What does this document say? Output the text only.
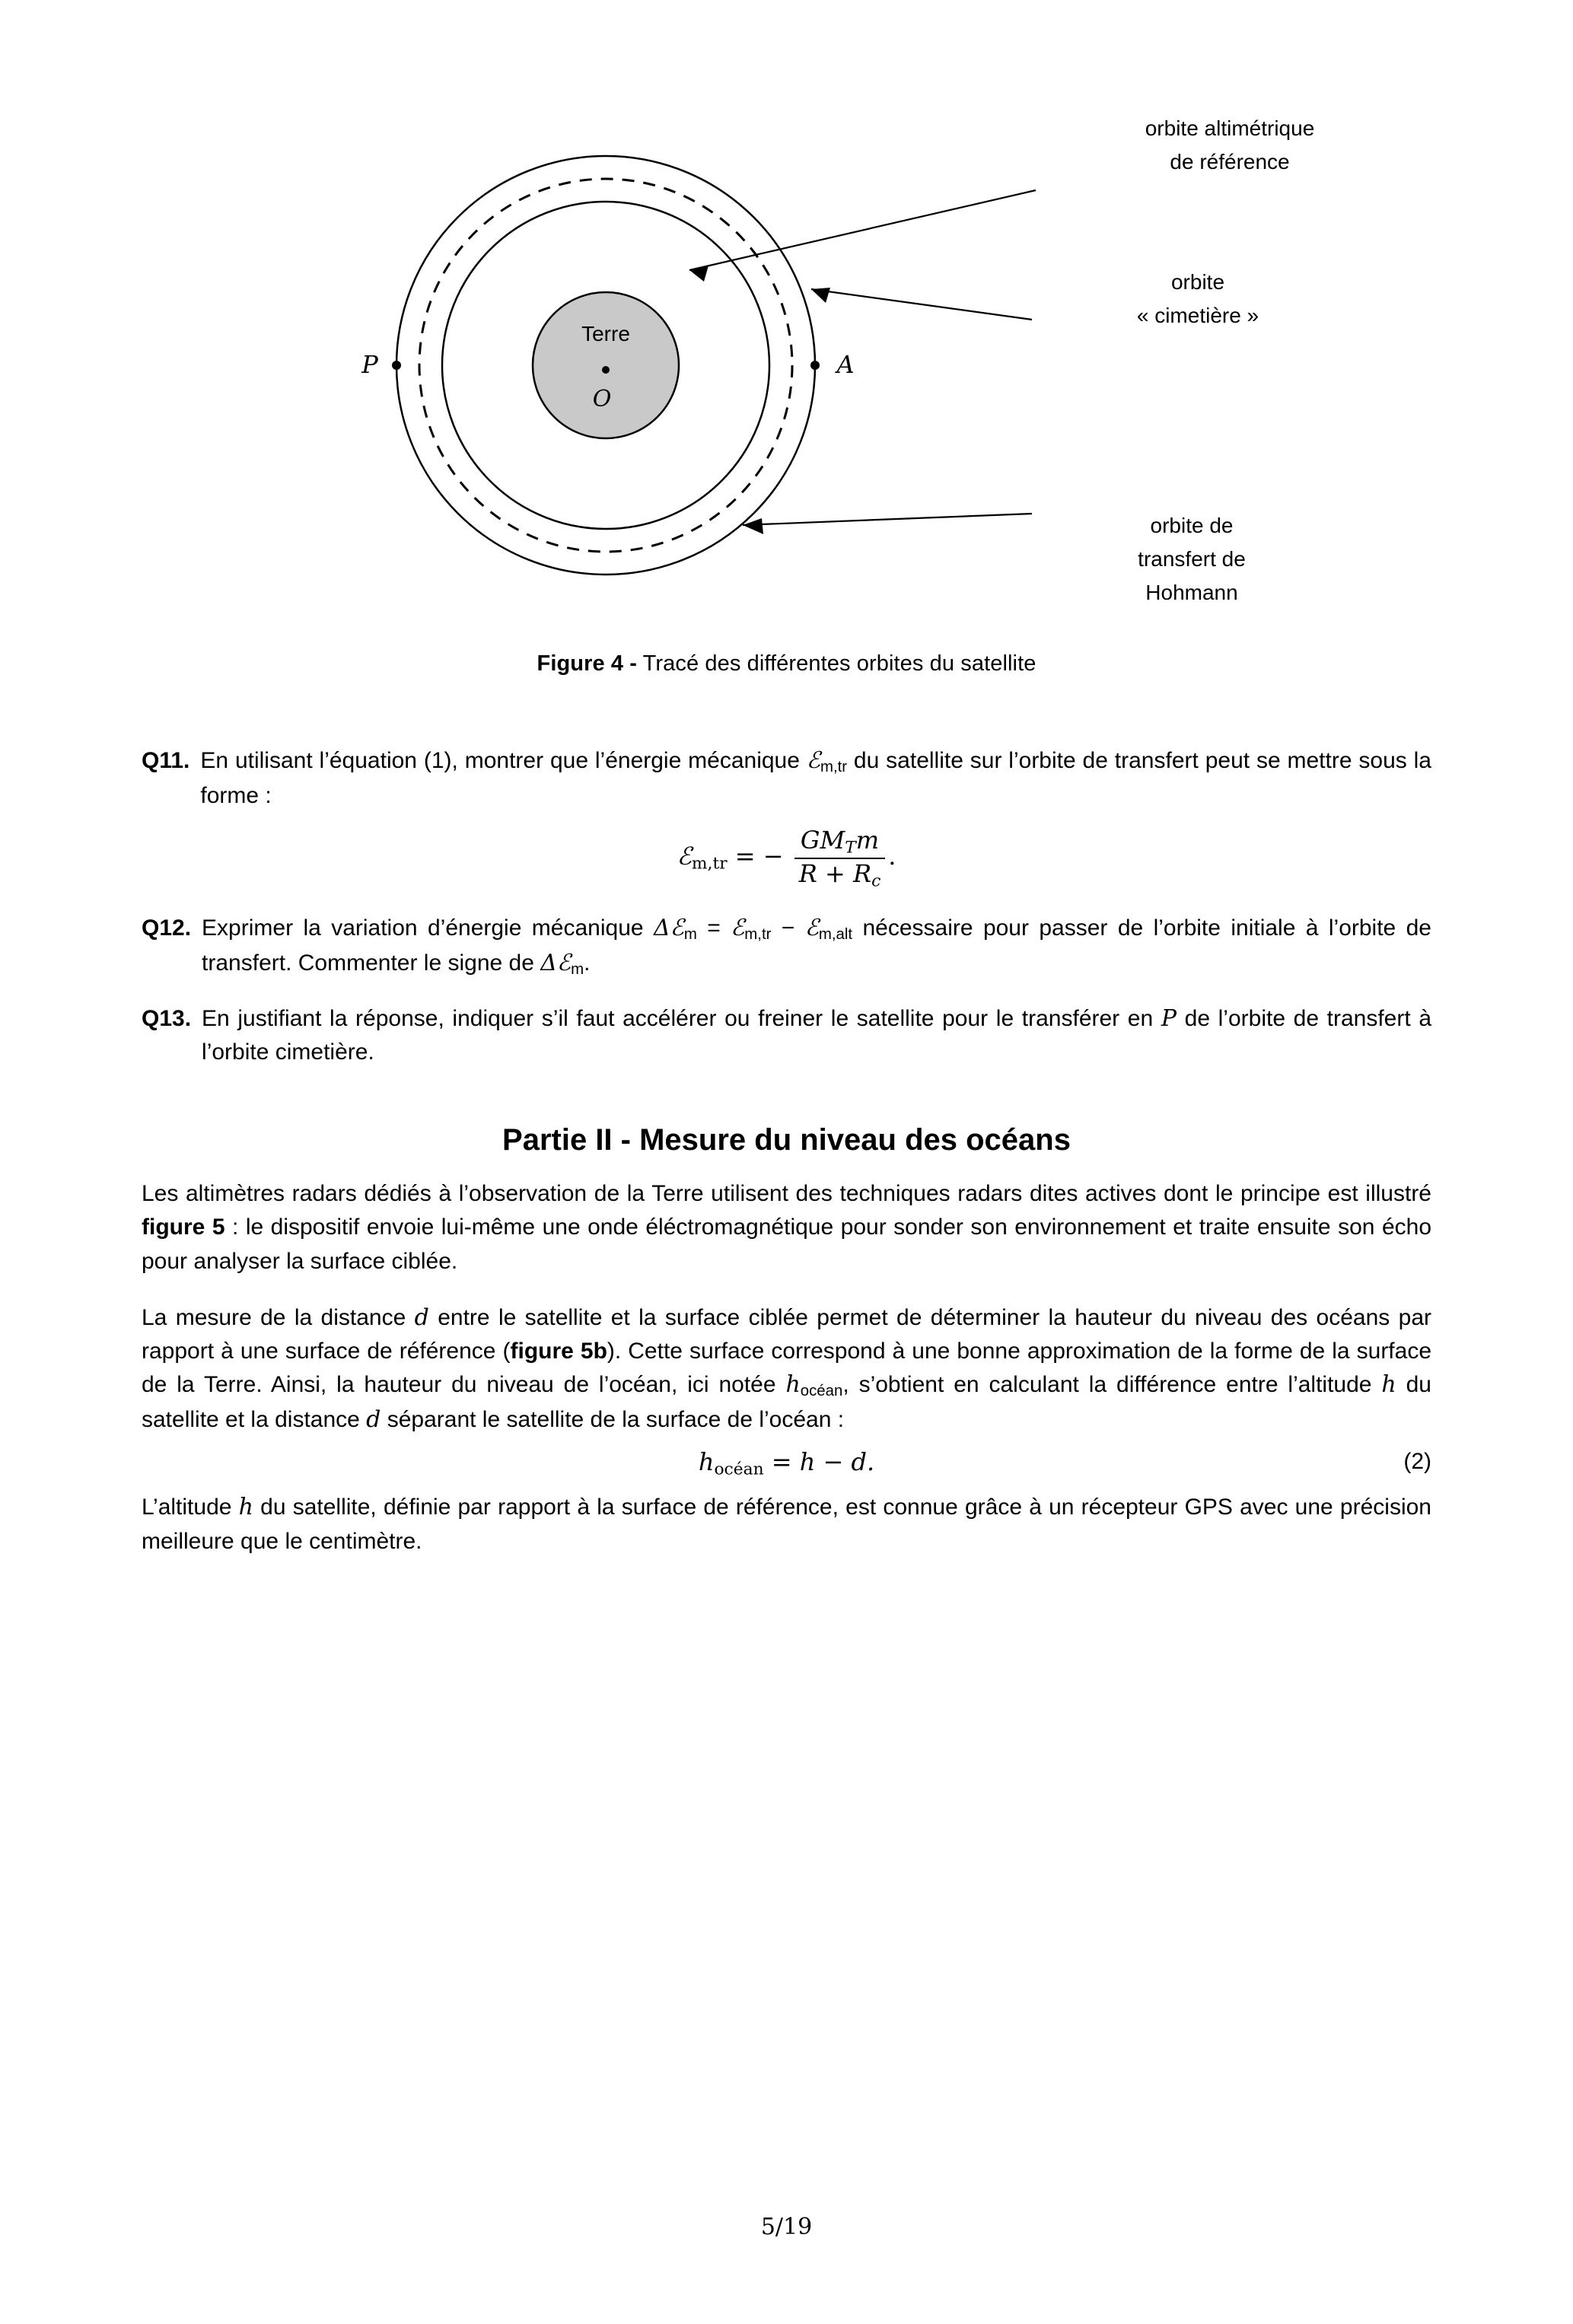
orbite altimétrique
de référence
orbite
« cimetière »
orbite de
transfert de
Hohmann
Terre
O
P	A
Figure 4 - Tracé des différentes orbites du satellite
Q11. En utilisant l’équation (1), montrer que l’énergie mécanique ℰm,tr du satellite sur l’orbite de transfert peut se mettre sous la forme :
ℰm,tr = − $\frac{\text{GMTm}}{R + Rc}$ .
Q12. Exprimer la variation d’énergie mécanique Δℰm = ℰm,tr − ℰm,alt nécessaire pour passer de l’orbite initiale à l’orbite de transfert. Commenter le signe de Δℰm.
Q13. En justifiant la réponse, indiquer s’il faut accélérer ou freiner le satellite pour le transférer en P de l’orbite de transfert à l’orbite cimetière.
Partie II - Mesure du niveau des océans

Les altimètres radars dédiés à l’observation de la Terre utilisent des techniques radars dites actives dont le principe est illustré figure 5 : le dispositif envoie lui-même une onde éléctromagnétique pour sonder son environnement et traite ensuite son écho pour analyser la surface ciblée.

La mesure de la distance d entre le satellite et la surface ciblée permet de déterminer la hauteur du niveau des océans par rapport à une surface de référence (figure 5b). Cette surface correspond à une bonne approximation de la forme de la surface de la Terre. Ainsi, la hauteur du niveau de l’océan, ici notée hocéan, s’obtient en calculant la différence entre l’altitude h du satellite et la distance d séparant le satellite de la surface de l’océan :

hocéan = h − d.	(2)

L’altitude h du satellite, définie par rapport à la surface de référence, est connue grâce à un récepteur GPS avec une précision meilleure que le centimètre.

5/19
